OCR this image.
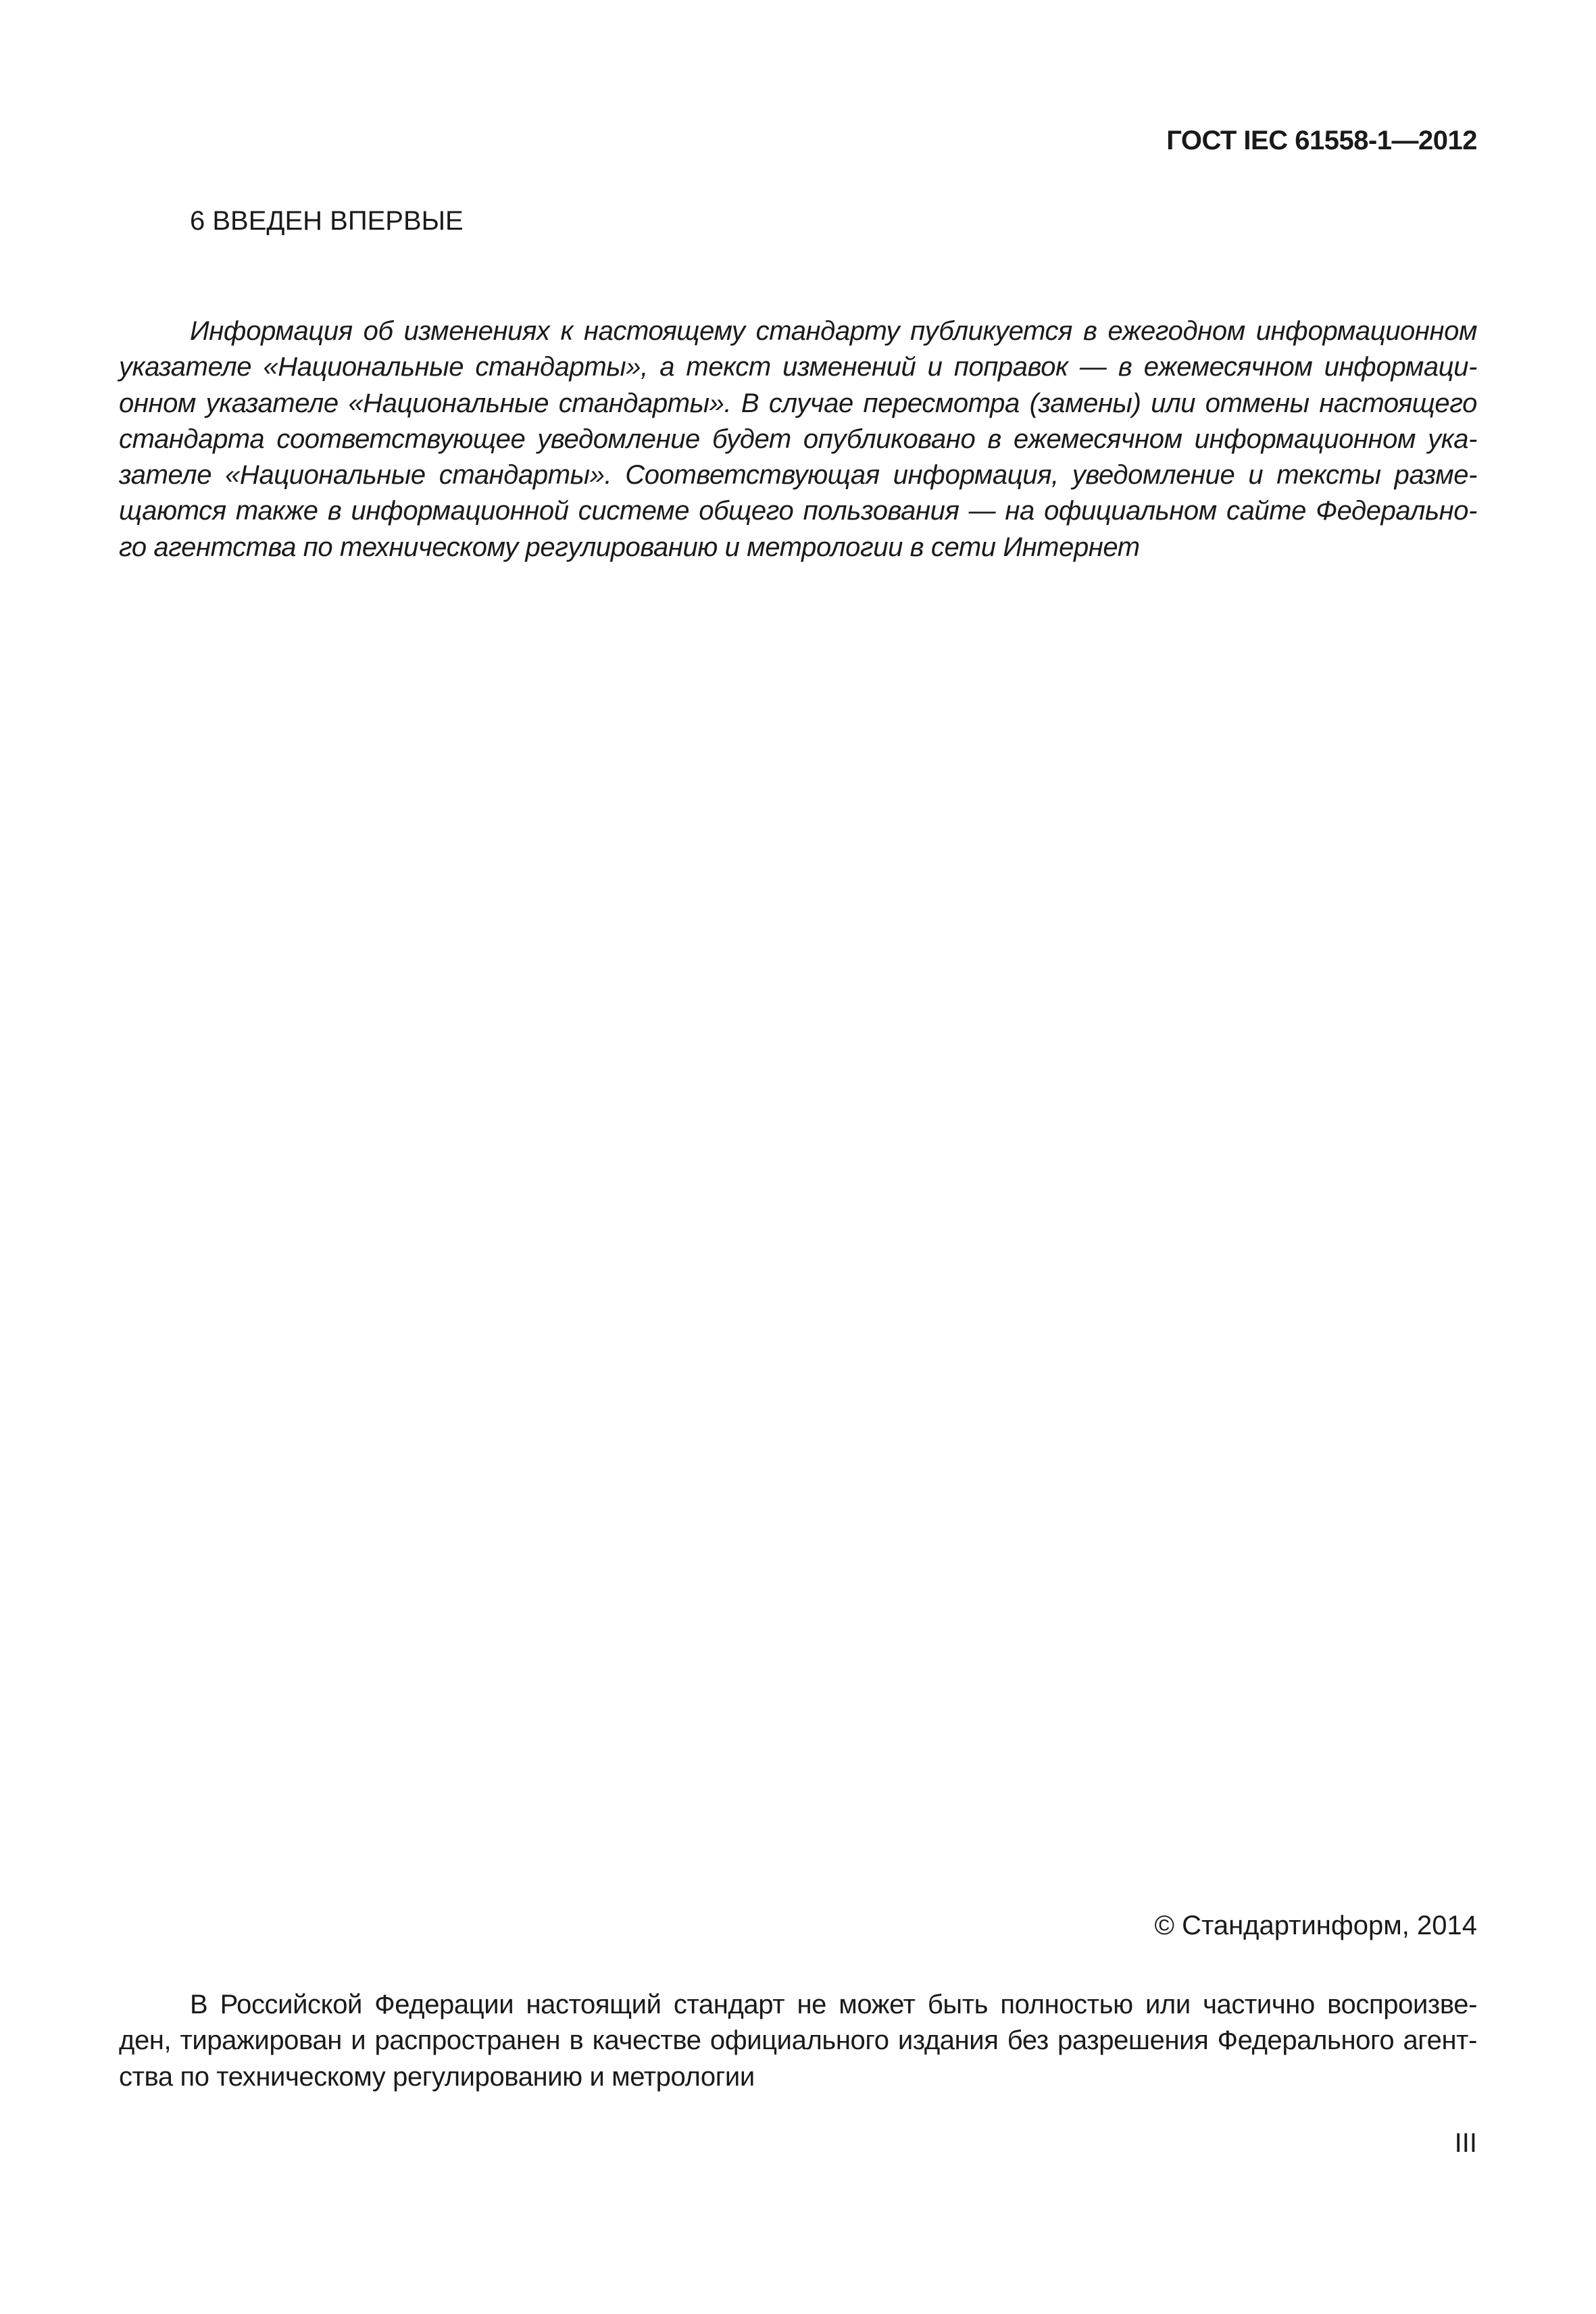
ГОСТ IEC 61558-1—2012
6 ВВЕДЕН ВПЕРВЫЕ
Информация об изменениях к настоящему стандарту публикуется в ежегодном информационном
указателе «Национальные стандарты», а текст изменений и поправок — в ежемесячном информаци-
онном указателе «Национальные стандарты». В случае пересмотра (замены) или отмены настоящего
стандарта соответствующее уведомление будет опубликовано в ежемесячном информационном ука-
зателе «Национальные стандарты». Соответствующая информация, уведомление и тексты разме-
щаются также в информационной системе общего пользования — на официальном сайте Федерально-
го агентства по техническому регулированию и метрологии в сети Интернет
© Стандартинформ, 2014
В Российской Федерации настоящий стандарт не может быть полностью или частично воспроизве-
ден, тиражирован и распространен в качестве официального издания без разрешения Федерального агент-
ства по техническому регулированию и метрологии
III
